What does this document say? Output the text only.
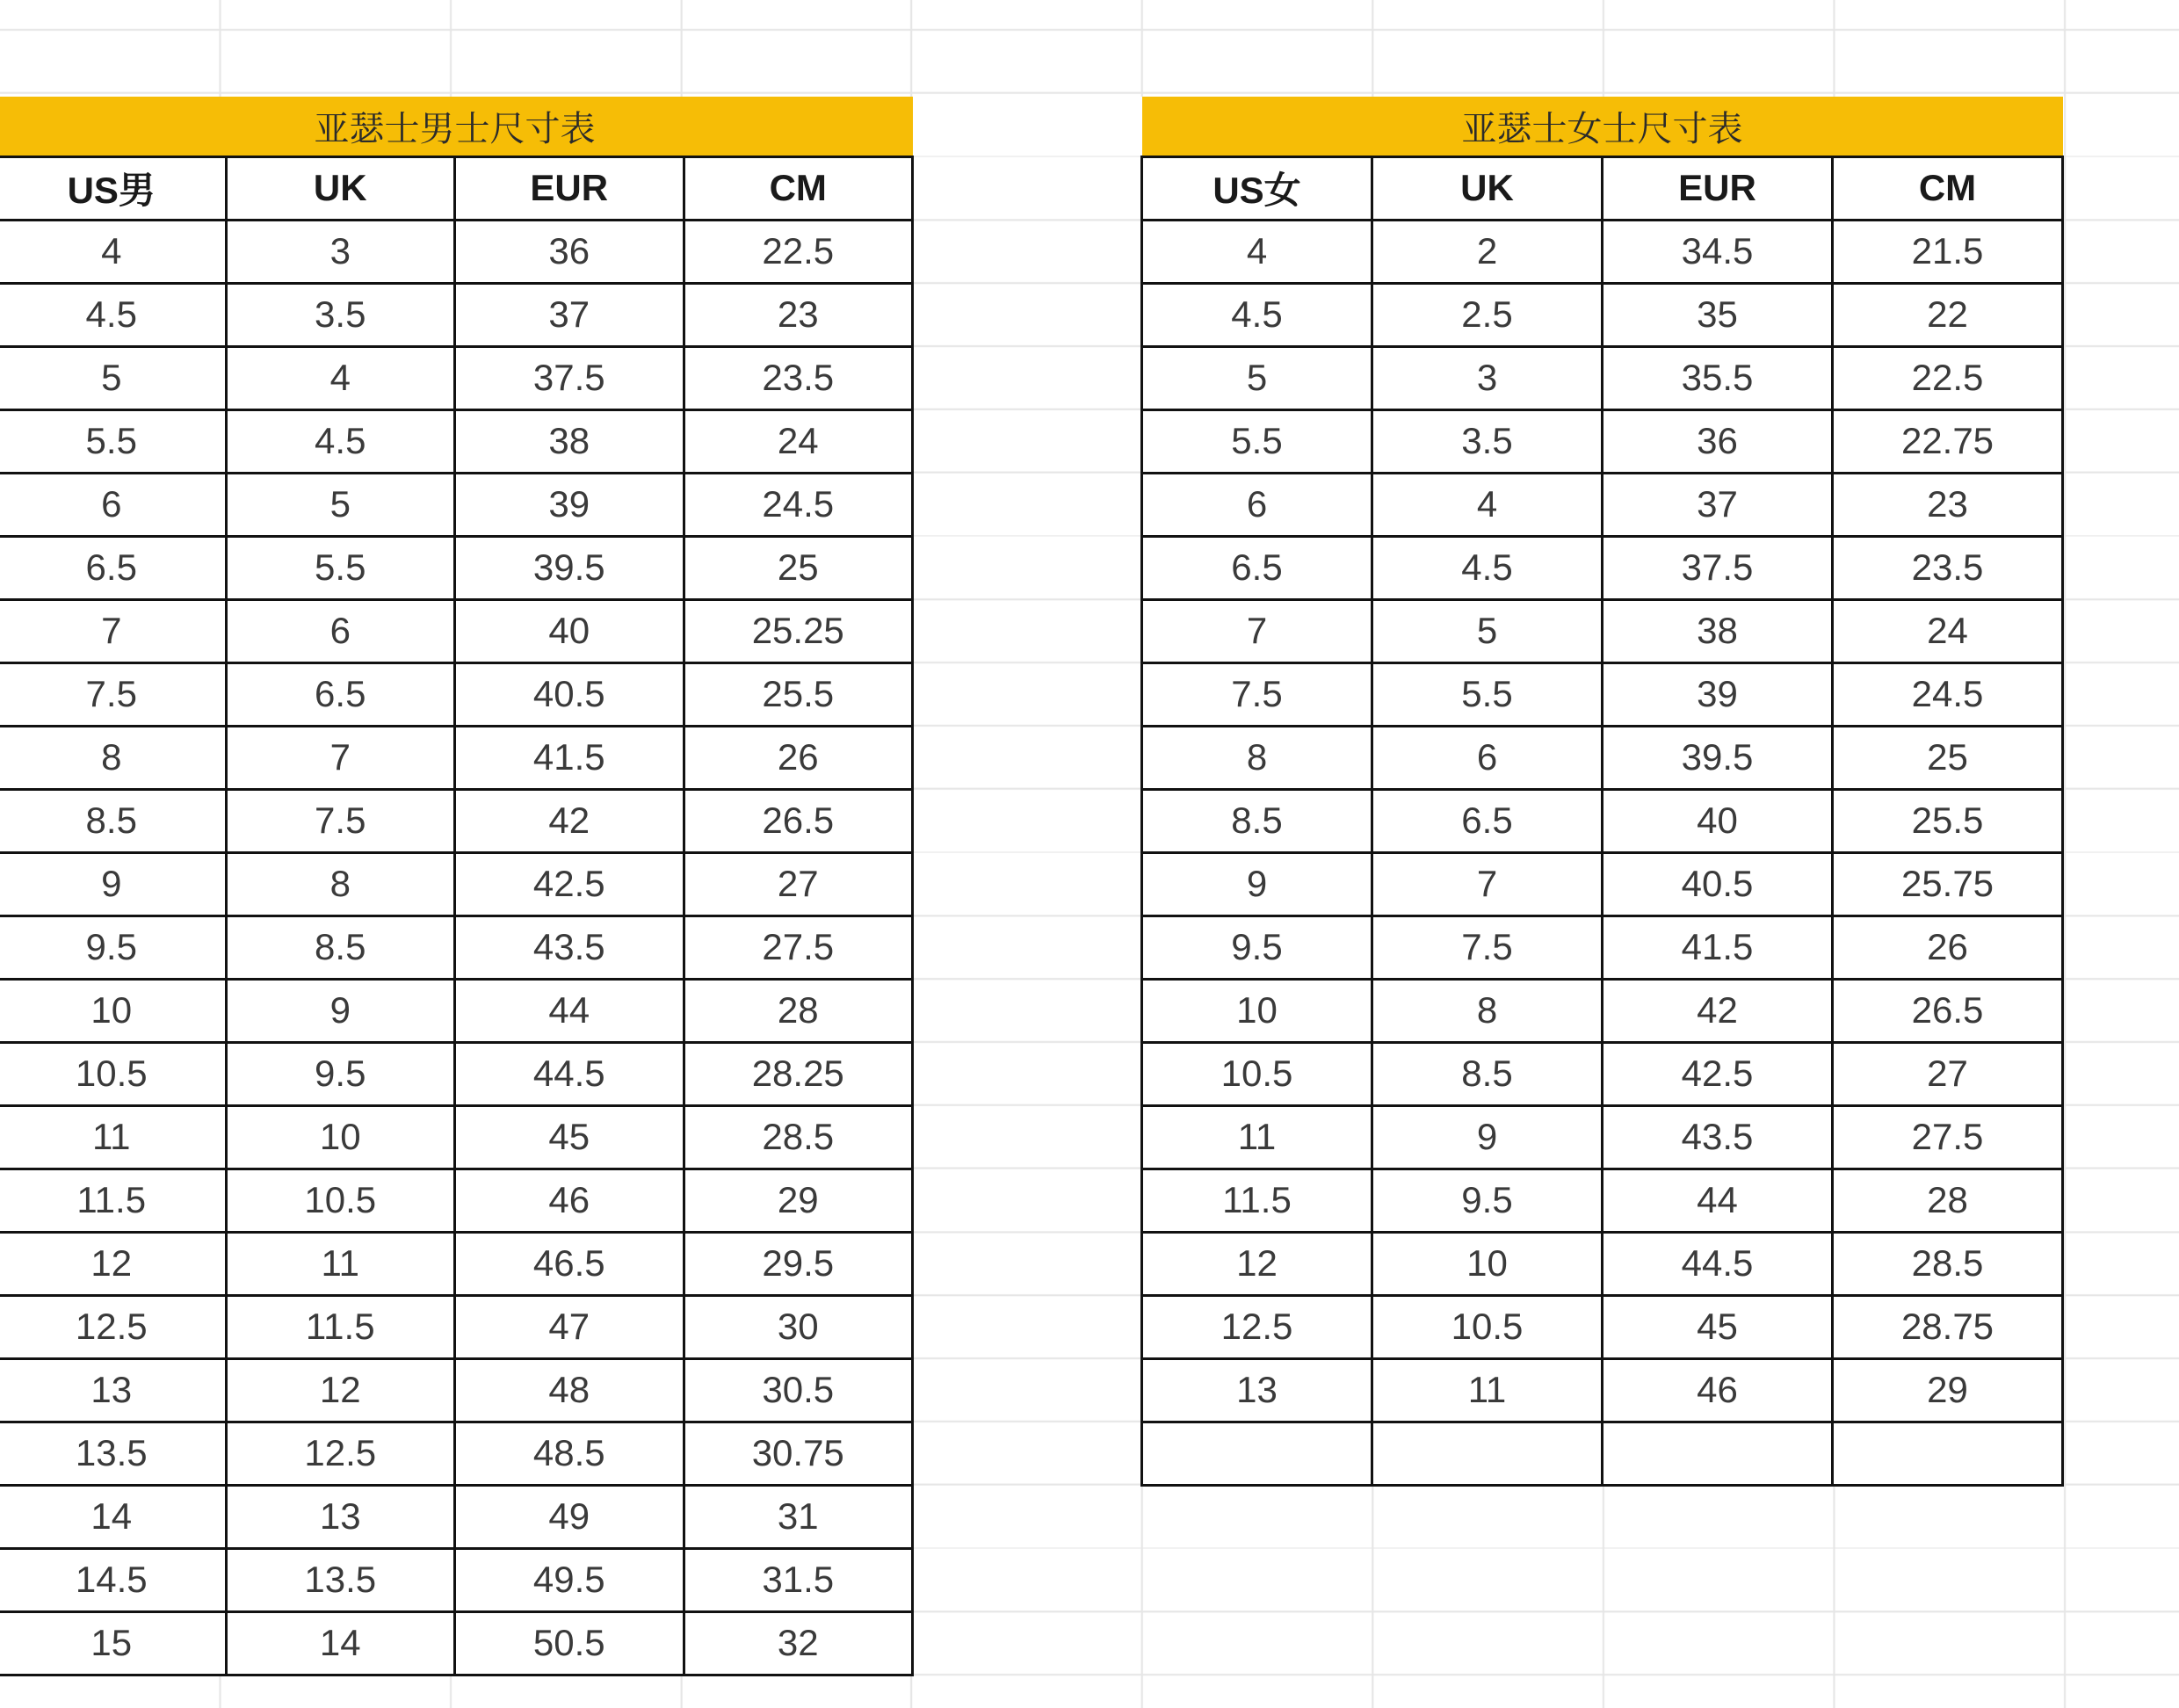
亚瑟士男士尺寸表			
US男	UK	EUR	CM
4	3	36	22.5
4.5	3.5	37	23
5	4	37.5	23.5
5.5	4.5	38	24
6	5	39	24.5
6.5	5.5	39.5	25
7	6	40	25.25
7.5	6.5	40.5	25.5
8	7	41.5	26
8.5	7.5	42	26.5
9	8	42.5	27
9.5	8.5	43.5	27.5
10	9	44	28
10.5	9.5	44.5	28.25
11	10	45	28.5
11.5	10.5	46	29
12	11	46.5	29.5
12.5	11.5	47	30
13	12	48	30.5
13.5	12.5	48.5	30.75
14	13	49	31
14.5	13.5	49.5	31.5
15	14	50.5	32
亚瑟士女士尺寸表			
US女	UK	EUR	CM
4	2	34.5	21.5
4.5	2.5	35	22
5	3	35.5	22.5
5.5	3.5	36	22.75
6	4	37	23
6.5	4.5	37.5	23.5
7	5	38	24
7.5	5.5	39	24.5
8	6	39.5	25
8.5	6.5	40	25.5
9	7	40.5	25.75
9.5	7.5	41.5	26
10	8	42	26.5
10.5	8.5	42.5	27
11	9	43.5	27.5
11.5	9.5	44	28
12	10	44.5	28.5
12.5	10.5	45	28.75
13	11	46	29
